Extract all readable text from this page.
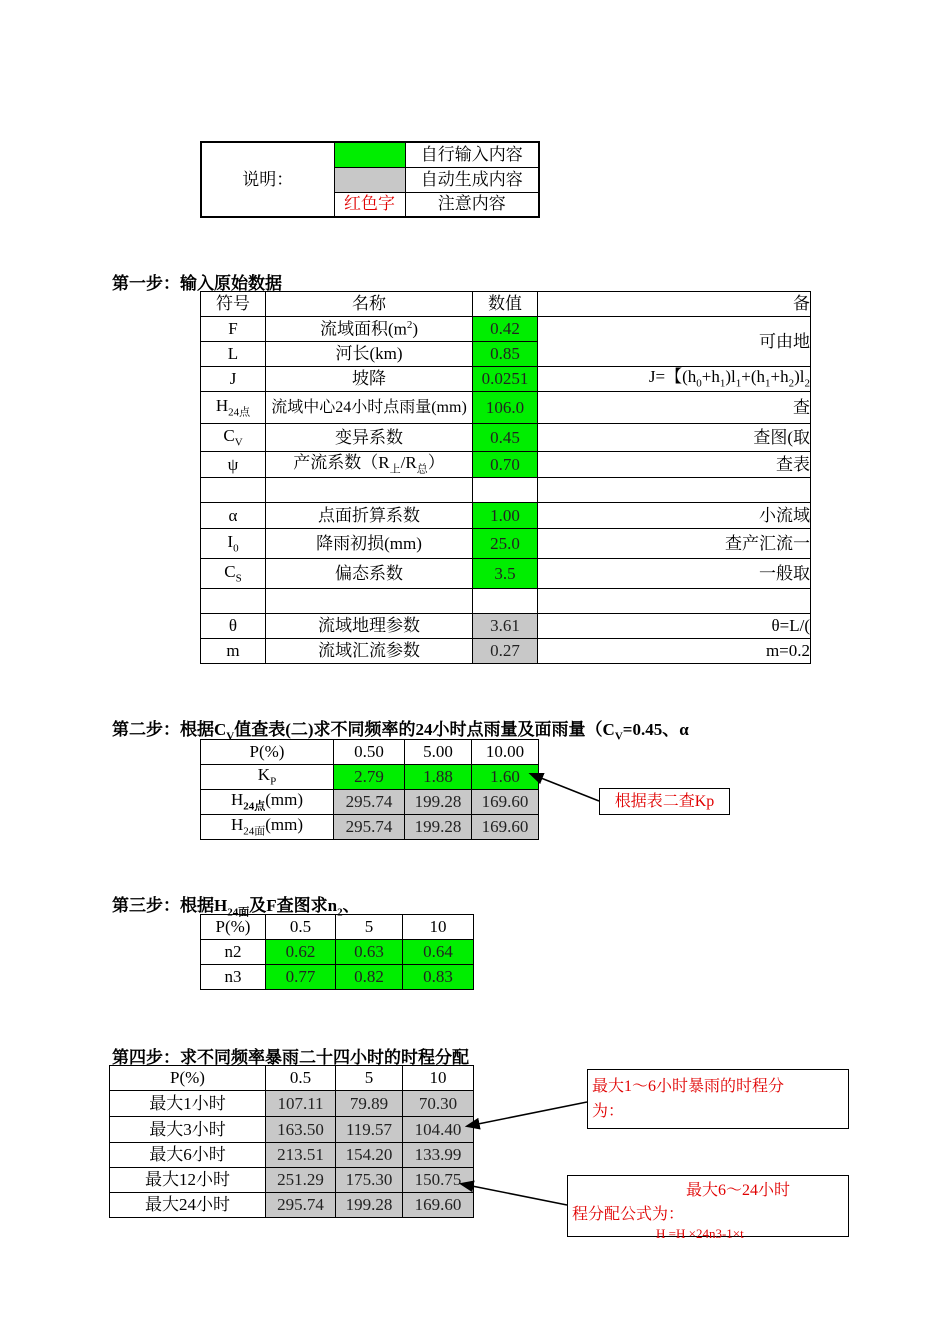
说明：		自行输入内容
		自动生成内容
	红色字	注意内容
第一步：输入原始数据
符号	名称	数值	备
F	流域面积$(m^2)$	0.42	可由地
L	河长(km)	0.85	
J	坡降	0.0251	J=【$(h_0+h_1)l_1+(h_1+h_2)l_2$
$H_{24点}$	流域中心24小时点雨量(mm)	106.0	查
$C_V$	变异系数	0.45	查图(取
ψ	产流系数$(R_上/R_总)$	0.70	查表

α	点面折算系数	1.00	小流域
$I_0$	降雨初损(mm)	25.0	查产汇流一
$C_S$	偏态系数	3.5	一般取

θ	流域地理参数	3.61	θ=L/(
m	流域汇流参数	0.27	m=0.2
第二步：根据$C_V$值查表(二)求不同频率的24小时点雨量及面雨量（$C_V=0.45$、α
P(%)	0.50	5.00	10.00
$K_P$	2.79	1.88	1.60
$H_{24点}(mm)$	295.74	199.28	169.60
$H_{24面}(mm)$	295.74	199.28	169.60
根据表二查Kp
第三步：根据$H_{24面}$及F查图求$n_2$、
P(%)	0.5	5	10
n2	0.62	0.63	0.64
n3	0.77	0.82	0.83
第四步：求不同频率暴雨二十四小时的时程分配
P(%)	0.5	5	10
最大1小时	107.11	79.89	70.30
最大3小时	163.50	119.57	104.40
最大6小时	213.51	154.20	133.99
最大12小时	251.29	175.30	150.75
最大24小时	295.74	199.28	169.60
最大1～6小时暴雨的时程分
为：
最大6～24小时
程分配公式为：
H =H ×24n3-1×t
